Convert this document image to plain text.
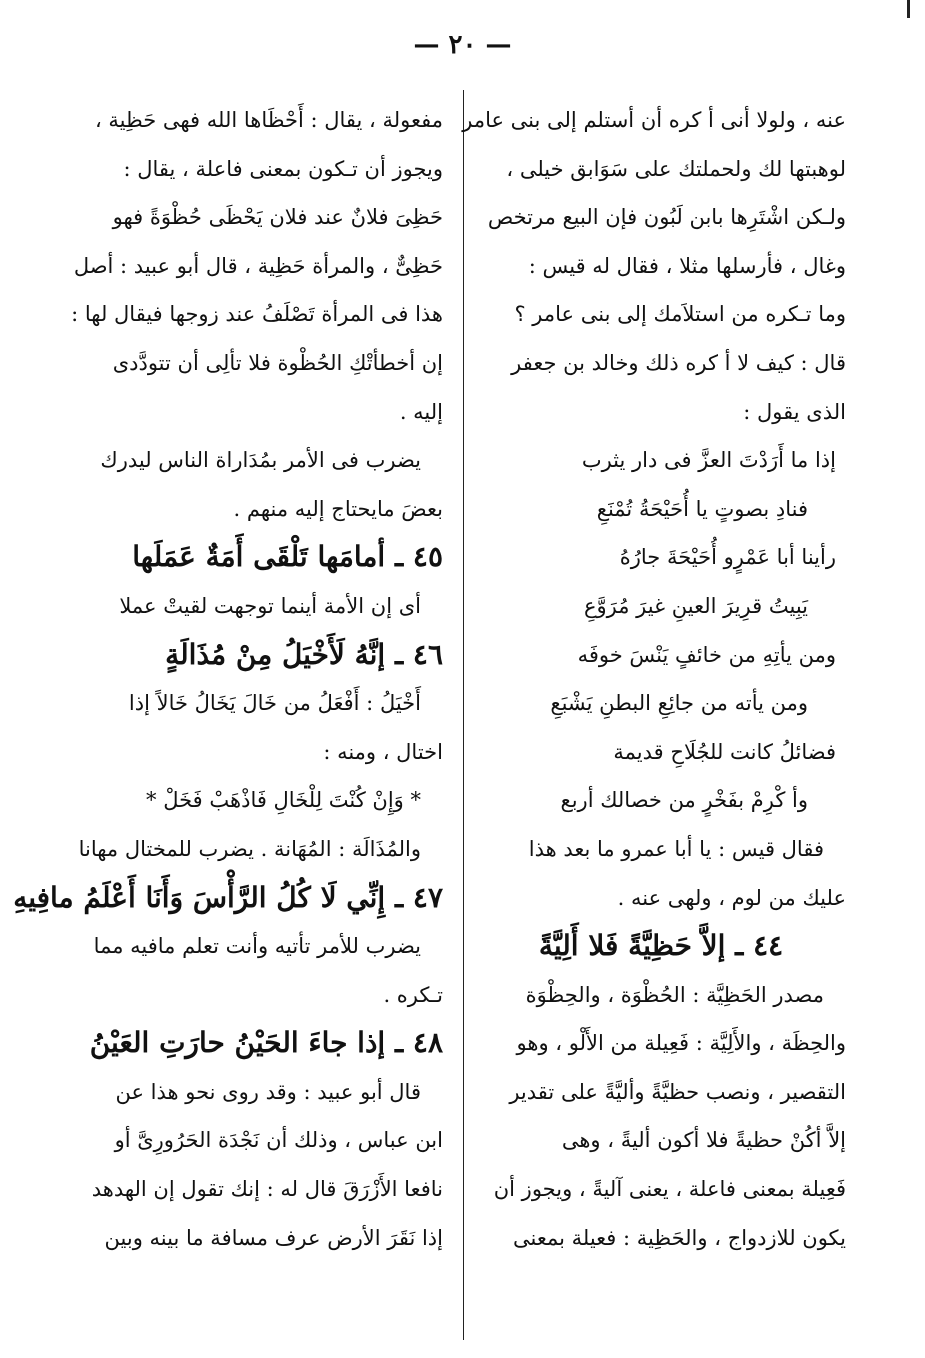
— ٢٠ —
عنه ، ولولا أنى أ كره أن أستلم إلى بنى عامر
لوهبتها لك ولحملتك على سَوَابق خيلى ،
ولـكن اشْتَرِها بابن لَبُون فإن البيع مرتخص
وغال ، فأرسلها مثلا ، فقال له قيس :
وما تـكره من استلاَمك إلى بنى عامر ؟
قال : كيف لا أ كره ذلك وخالد بن جعفر
الذى يقول :
إذا ما أَرَدْتَ العزَّ فى دار يثرب
فنادِ بصوتٍ يا أُحَيْحَةُ تُمْنَعِ
رأينا أبا عَمْرٍو أُحَيْحَةَ جارُهُ
يَبِيتُ قرِيرَ العينِ غيرَ مُرَوَّعِ
ومن يأتِهِ من خائفٍ يَنْسَ خوفَه
ومن يأته من جائِعِ البطنِ يَشْبَعِ
فضائلُ كانت للجُلَاحِ قديمة
وأ كْرِمْ بفَخْرٍ من خصالك أربع
فقال قيس : يا أبا عمرو ما بعد هذا
عليك من لوم ، ولهى عنه .
٤٤ ـ إلاَّ حَظِيَّةً فَلا أَلِيَّةً
مصدر الحَظِيَّة : الحُظْوَة ، والحِظْوَة
والحِظَة ، والأَلِيَّة : فَعِيلة من الأَلْو ، وهو
التقصير ، ونصب حظيَّةً وأليَّةً على تقدير
إلاَّ أكُنْ حظيةً فلا أكون أليةً ، وهى
فَعِيلة بمعنى فاعلة ، يعنى آليةً ، ويجوز أن
يكون للازدواج ، والحَظِية : فعيلة بمعنى
مفعولة ، يقال : أَحْظَاها الله فهى حَظِية ،
ويجوز أن تـكون بمعنى فاعلة ، يقال :
حَظِىَ فلانٌ عند فلان يَحْظَى حُظْوَةً فهو
حَظِىٌّ ، والمرأة حَظِية ، قال أبو عبيد : أصل
هذا فى المرأة تَصْلَفُ عند زوجها فيقال لها :
إن أخطأتْكِ الحُظْوة فلا تألِى أن تتودَّدى
إليه .
يضرب فى الأمر بمُدَاراة الناس ليدرك
بعضَ مايحتاج إليه منهم .
٤٥ ـ أمامَها تَلْقَى أَمَةٌ عَمَلَها
أى إن الأمة أينما توجهت لقيتْ عملا
٤٦ ـ إنَّهُ لَأَخْيَلُ مِنْ مُذَالَةٍ
أَخْيَلُ : أَفْعَلُ من خَالَ يَخَالُ خَالاً إذا
اختال ، ومنه :
* وَإِنْ كُنْتَ لِلْخَالِ فَاذْهَبْ فَخَلْ *
والمُذَالَة : المُهَانة . يضرب للمختال مهانا
٤٧ ـ إِنِّي لَا كُلُ الرَّأْسَ وَأَنَا أَعْلَمُ مافِيهِ
يضرب للأمر تأتيه وأنت تعلم مافيه مما
تـكره .
٤٨ ـ إذا جاءَ الحَيْنُ حارَتِ العَيْنُ
قال أبو عبيد : وقد روى نحو هذا عن
ابن عباس ، وذلك أن نَجْدَة الحَرُورِىَّ أو
نافعا الأَزْرَقَ قال له : إنك تقول إن الهدهد
إذا نَقَرَ الأرض عرف مسافة ما بينه وبين
